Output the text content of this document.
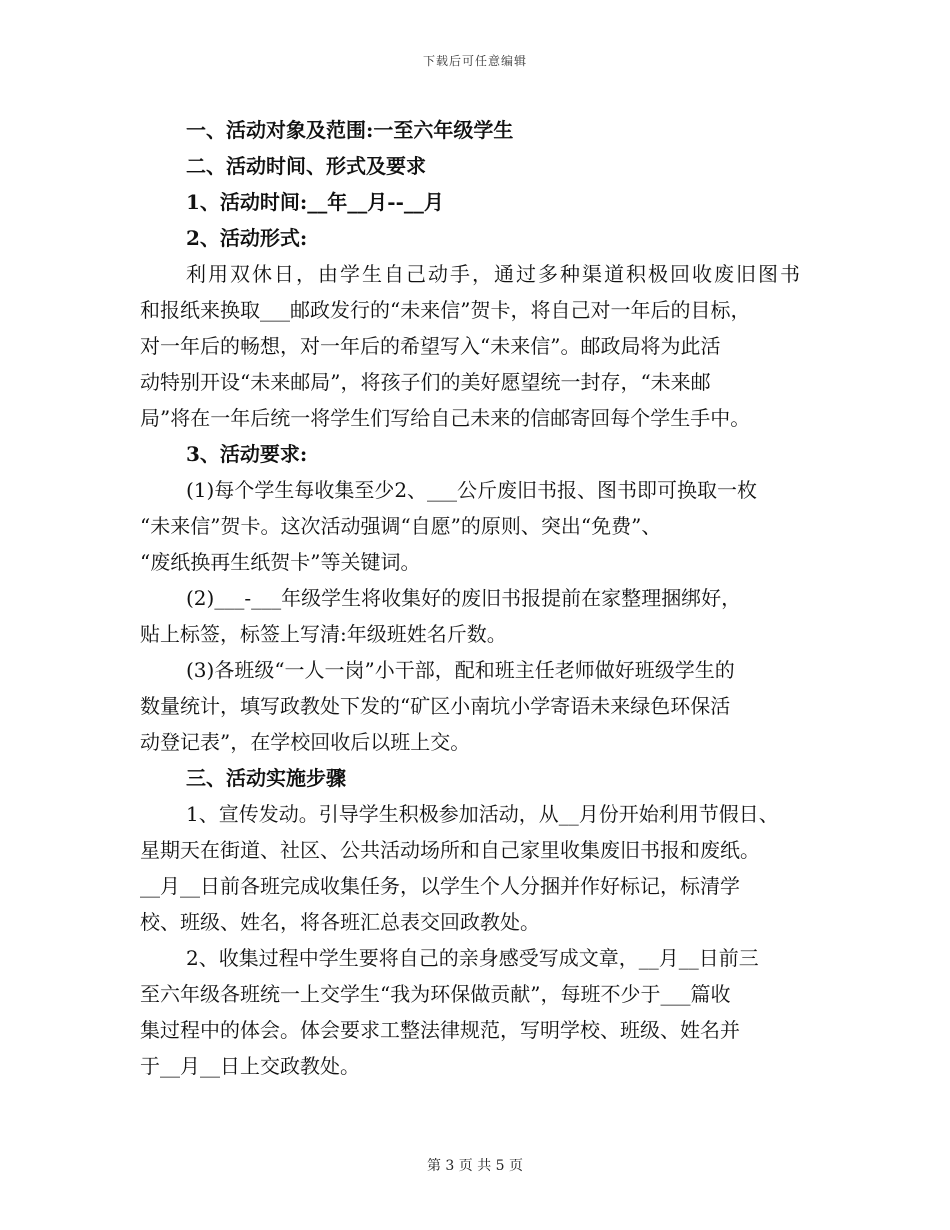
下载后可任意编辑
一、活动对象及范围:一至六年级学生
二、活动时间、形式及要求
1、活动时间:__年__月--__月
2、活动形式:
利用双休日，由学生自己动手，通过多种渠道积极回收废旧图书
和报纸来换取___邮政发行的“未来信”贺卡，将自己对一年后的目标，
对一年后的畅想，对一年后的希望写入“未来信”。邮政局将为此活
动特别开设“未来邮局”，将孩子们的美好愿望统一封存，“未来邮
局”将在一年后统一将学生们写给自己未来的信邮寄回每个学生手中。
3、活动要求:
(1)每个学生每收集至少2、___公斤废旧书报、图书即可换取一枚
“未来信”贺卡。这次活动强调“自愿”的原则、突出“免费”、
“废纸换再生纸贺卡”等关键词。
(2)___-___年级学生将收集好的废旧书报提前在家整理捆绑好，
贴上标签，标签上写清:年级班姓名斤数。
(3)各班级“一人一岗”小干部，配和班主任老师做好班级学生的
数量统计，填写政教处下发的“矿区小南坑小学寄语未来绿色环保活
动登记表”，在学校回收后以班上交。
三、活动实施步骤
1、宣传发动。引导学生积极参加活动，从__月份开始利用节假日、
星期天在街道、社区、公共活动场所和自己家里收集废旧书报和废纸。
__月__日前各班完成收集任务，以学生个人分捆并作好标记，标清学
校、班级、姓名，将各班汇总表交回政教处。
2、收集过程中学生要将自己的亲身感受写成文章，__月__日前三
至六年级各班统一上交学生“我为环保做贡献”，每班不少于___篇收
集过程中的体会。体会要求工整法律规范，写明学校、班级、姓名并
于__月__日上交政教处。
第 3 页 共 5 页
